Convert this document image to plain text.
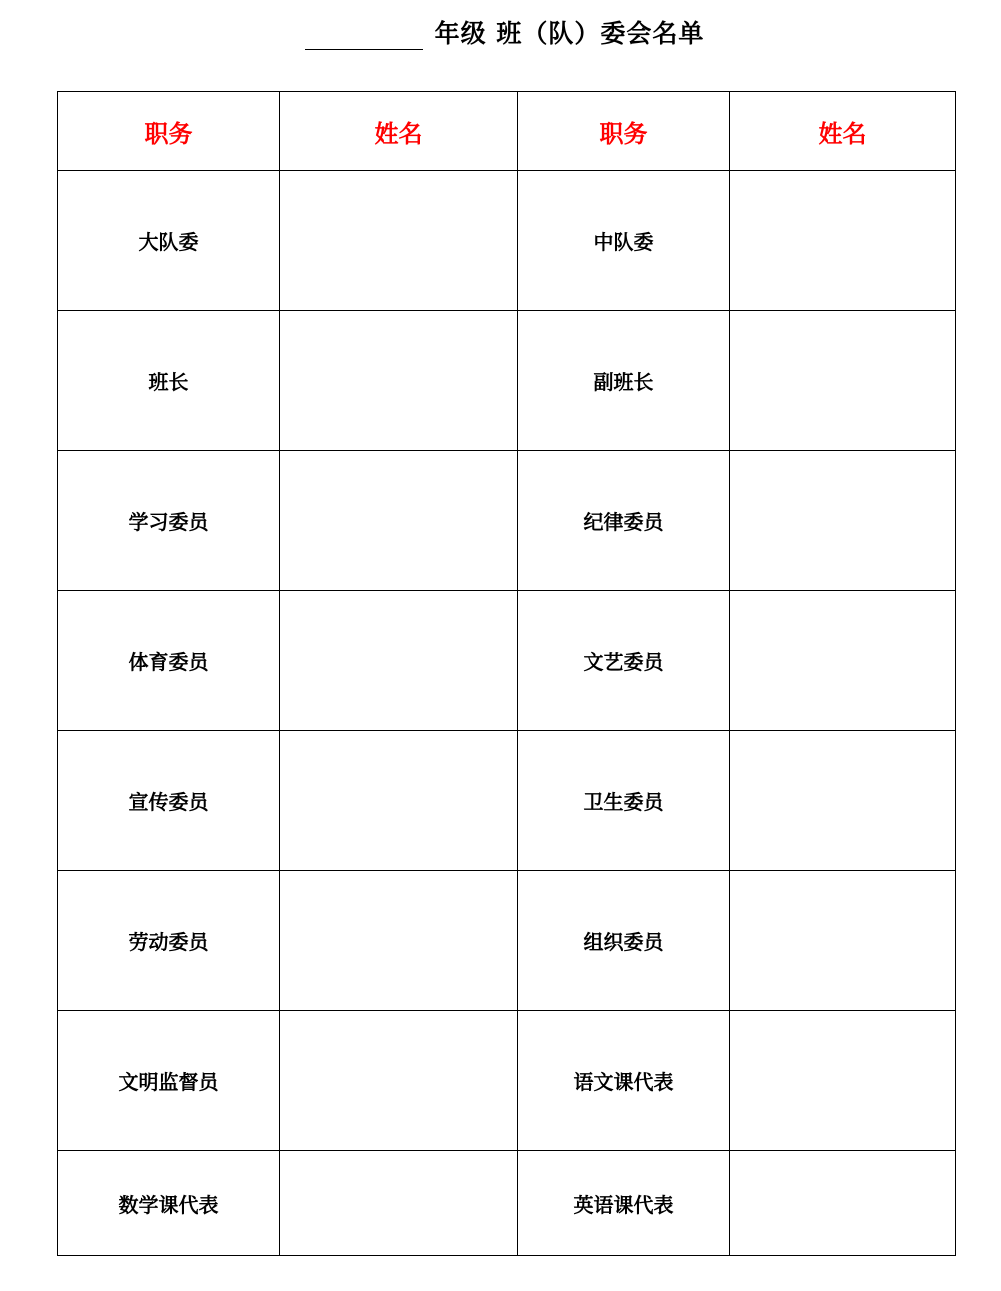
年级 班（队）委会名单
职务	姓名	职务	姓名
大队委		中队委	
班长		副班长	
学习委员		纪律委员	
体育委员		文艺委员	
宣传委员		卫生委员	
劳动委员		组织委员	
文明监督员		语文课代表	
数学课代表		英语课代表	
